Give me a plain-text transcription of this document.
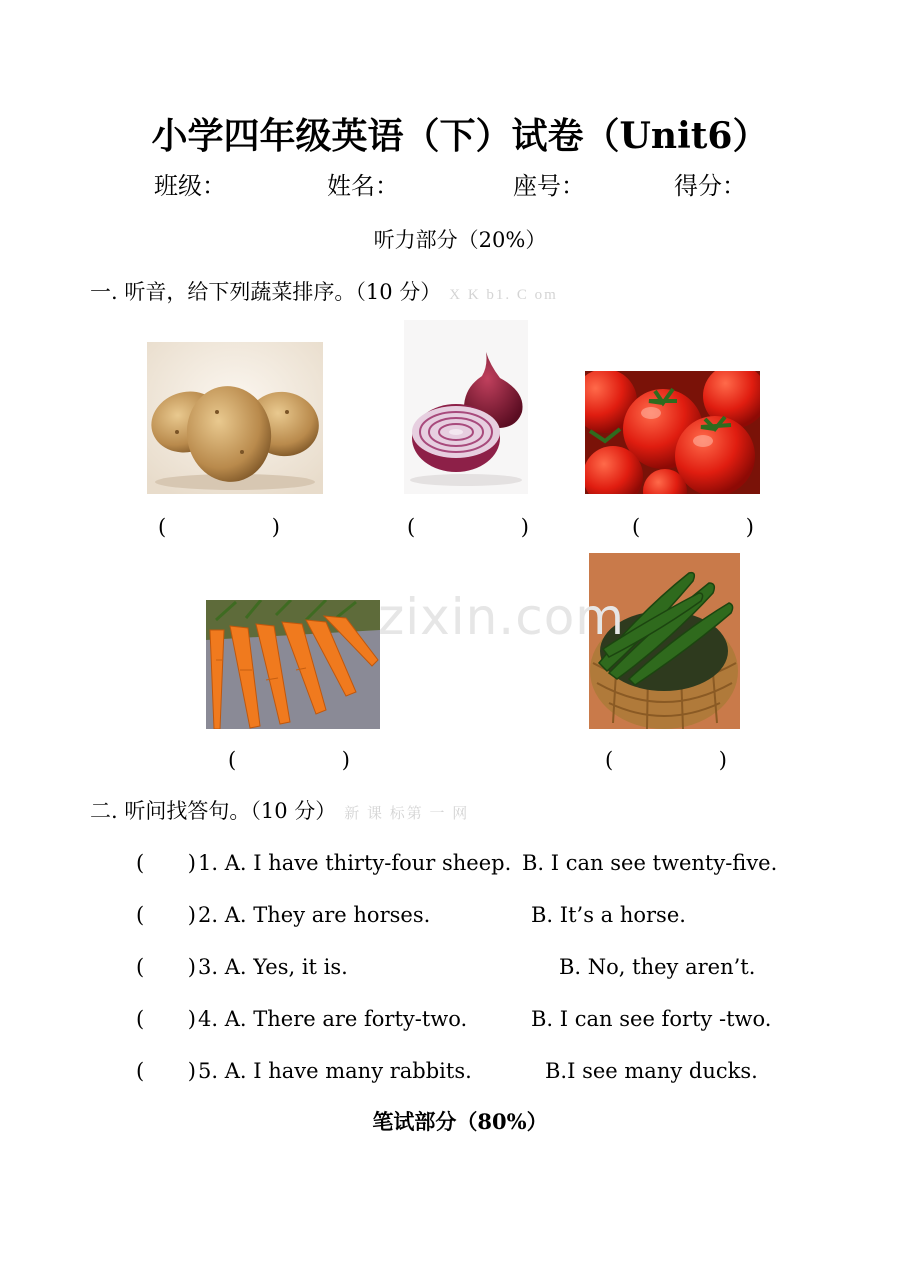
小学四年级英语（下）试卷（Unit6）
班级：	姓名：	座号：	得分：
听力部分（20%）
一. 听音，给下列蔬菜排序。（10 分） X K b1. C om
(	)	(	)	(	)
zixin.com
(	)	(	)
二. 听问找答句。（10 分） 新 课 标第 一 网
( ) 1. A. I have thirty-four sheep. B. I can see twenty-five.
( ) 2. A. They are horses.	B. It’s a horse.
( ) 3. A. Yes, it is.	B. No, they aren’t.
( ) 4. A. There are forty-two.	B. I can see forty -two.
( ) 5. A. I have many rabbits.	B.I see many ducks.
笔试部分（80%）
